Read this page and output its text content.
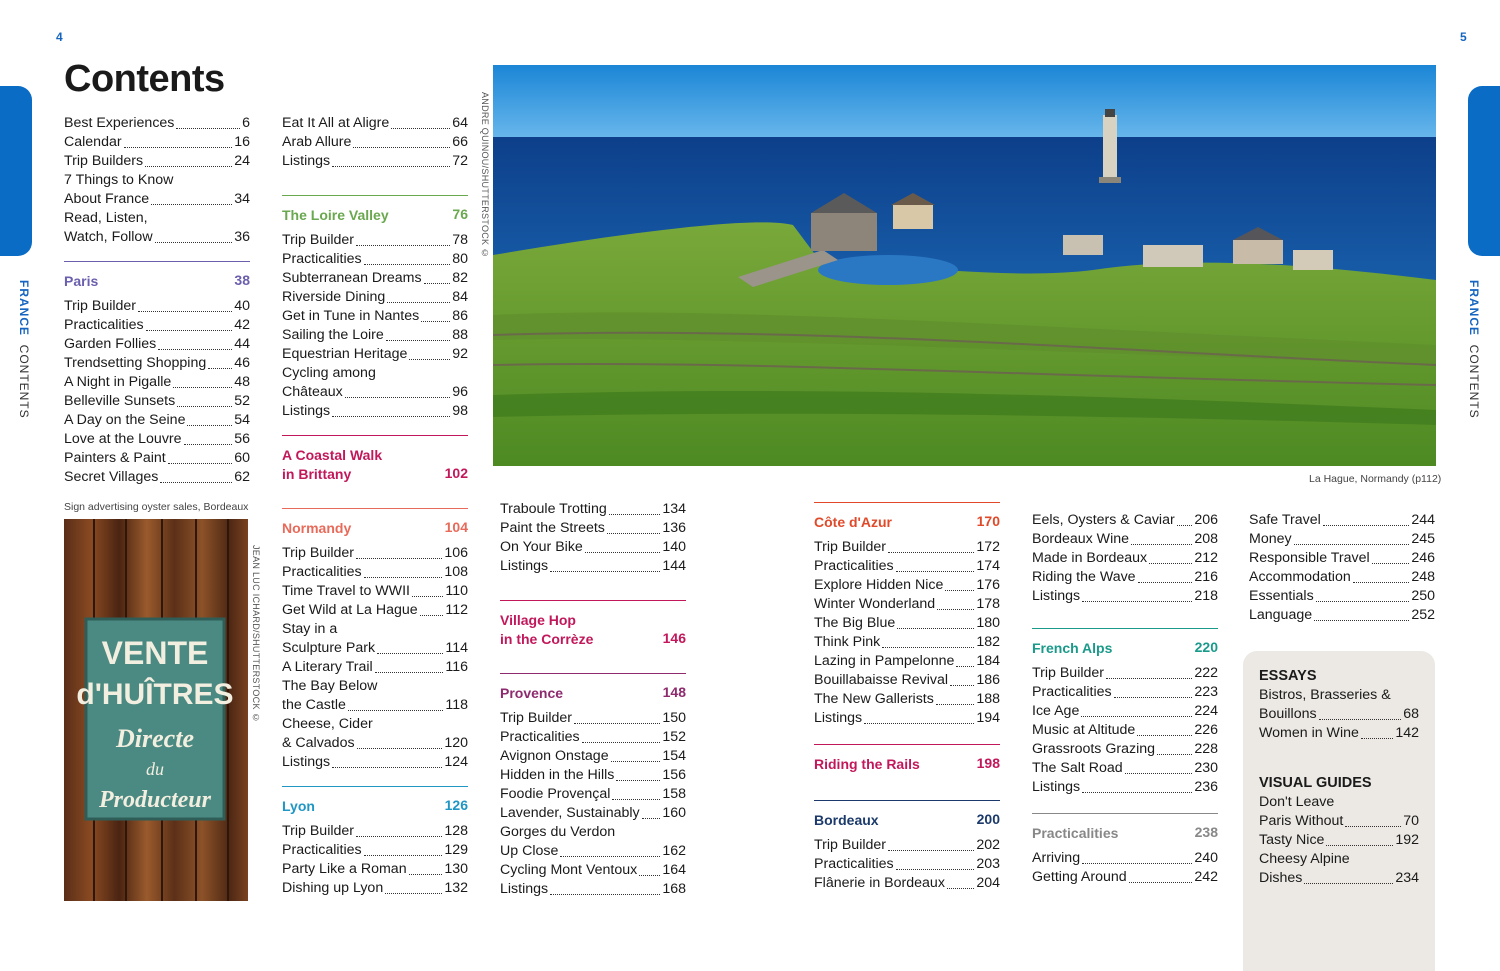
4	5
FRANCE  CONTENTS
FRANCE  CONTENTS
Contents
Best Experiences	6
Calendar	16
Trip Builders	24
7 Things to Know
About France	34
Read, Listen,
Watch, Follow	36
Paris	38
Trip Builder	40
Practicalities	42
Garden Follies	44
Trendsetting Shopping 46
A Night in Pigalle	48
Belleville Sunsets	52
A Day on the Seine	54
Love at the Louvre	56
Painters & Paint	60
Secret Villages	62
Sign advertising oyster sales, Bordeaux
VENTE
d'HUÎTRES
Directe
du
Producteur
JEAN LUC ICHARD/SHUTTERSTOCK ©
Eat It All at Aligre	64
Arab Allure	66
Listings	72
The Loire Valley	76
Trip Builder	78
Practicalities	80
Subterranean Dreams 82
Riverside Dining	84
Get in Tune in Nantes 86
Sailing the Loire	88
Equestrian Heritage	92
Cycling among
Châteaux	96
Listings	98
A Coastal Walk
in Brittany	102
Normandy	104
Trip Builder	106
Practicalities	108
Time Travel to WWII 110
Get Wild at La Hague 112
Stay in a
Sculpture Park	114
A Literary Trail	116
The Bay Below
the Castle	118
Cheese, Cider
& Calvados	120
Listings	124
Lyon	126
Trip Builder	128
Practicalities	129
Party Like a Roman	130
Dishing up Lyon	132
ANDRE QUINOU/SHUTTERSTOCK ©
La Hague, Normandy (p112)
Traboule Trotting	134
Paint the Streets	136
On Your Bike	140
Listings	144
Village Hop
in the Corrèze	146
Provence	148
Trip Builder	150
Practicalities	152
Avignon Onstage	154
Hidden in the Hills	156
Foodie Provençal	158
Lavender, Sustainably 160
Gorges du Verdon
Up Close	162
Cycling Mont Ventoux 164
Listings	168
Côte d'Azur	170
Trip Builder	172
Practicalities	174
Explore Hidden Nice 176
Winter Wonderland	178
The Big Blue	180
Think Pink	182
Lazing in Pampelonne 184
Bouillabaisse Revival 186
The New Gallerists	188
Listings	194
Riding the Rails	198
Bordeaux	200
Trip Builder	202
Practicalities	203
Flânerie in Bordeaux 204
Eels, Oysters & Caviar 206
Bordeaux Wine	208
Made in Bordeaux	212
Riding the Wave	216
Listings	218
French Alps	220
Trip Builder	222
Practicalities	223
Ice Age	224
Music at Altitude	226
Grassroots Grazing	228
The Salt Road	230
Listings	236
Practicalities	238
Arriving	240
Getting Around	242
Safe Travel	244
Money	245
Responsible Travel	246
Accommodation	248
Essentials	250
Language	252
ESSAYS
Bistros, Brasseries &
Bouillons	68
Women in Wine	142
VISUAL GUIDES
Don't Leave
Paris Without	70
Tasty Nice	192
Cheesy Alpine
Dishes	234
